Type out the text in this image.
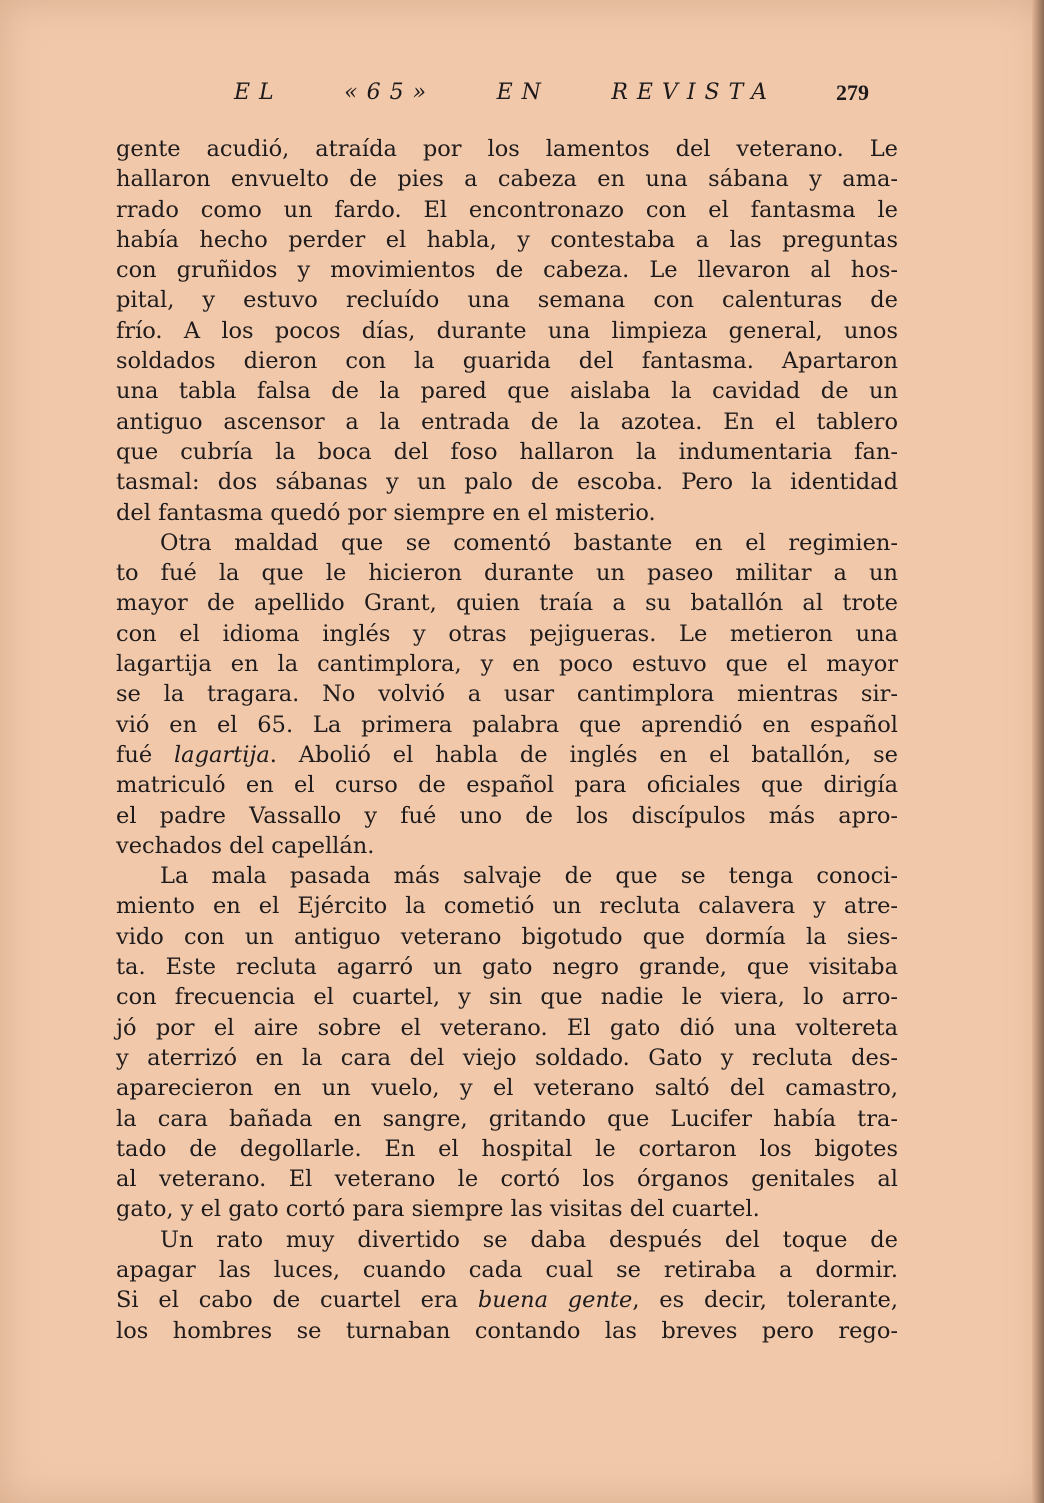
EL	«65»	EN	REVISTA	279
gente acudió, atraída por los lamentos del veterano. Le
hallaron envuelto de pies a cabeza en una sábana y ama-
rrado como un fardo. El encontronazo con el fantasma le
había hecho perder el habla, y contestaba a las preguntas
con gruñidos y movimientos de cabeza. Le llevaron al hos-
pital, y estuvo recluído una semana con calenturas de
frío. A los pocos días, durante una limpieza general, unos
soldados dieron con la guarida del fantasma. Apartaron
una tabla falsa de la pared que aislaba la cavidad de un
antiguo ascensor a la entrada de la azotea. En el tablero
que cubría la boca del foso hallaron la indumentaria fan-
tasmal: dos sábanas y un palo de escoba. Pero la identidad
del fantasma quedó por siempre en el misterio.
Otra maldad que se comentó bastante en el regimien-
to fué la que le hicieron durante un paseo militar a un
mayor de apellido Grant, quien traía a su batallón al trote
con el idioma inglés y otras pejigueras. Le metieron una
lagartija en la cantimplora, y en poco estuvo que el mayor
se la tragara. No volvió a usar cantimplora mientras sir-
vió en el 65. La primera palabra que aprendió en español
fué lagartija. Abolió el habla de inglés en el batallón, se
matriculó en el curso de español para oficiales que dirigía
el padre Vassallo y fué uno de los discípulos más apro-
vechados del capellán.
La mala pasada más salvaje de que se tenga conoci-
miento en el Ejército la cometió un recluta calavera y atre-
vido con un antiguo veterano bigotudo que dormía la sies-
ta. Este recluta agarró un gato negro grande, que visitaba
con frecuencia el cuartel, y sin que nadie le viera, lo arro-
jó por el aire sobre el veterano. El gato dió una voltereta
y aterrizó en la cara del viejo soldado. Gato y recluta des-
aparecieron en un vuelo, y el veterano saltó del camastro,
la cara bañada en sangre, gritando que Lucifer había tra-
tado de degollarle. En el hospital le cortaron los bigotes
al veterano. El veterano le cortó los órganos genitales al
gato, y el gato cortó para siempre las visitas del cuartel.
Un rato muy divertido se daba después del toque de
apagar las luces, cuando cada cual se retiraba a dormir.
Si el cabo de cuartel era buena gente, es decir, tolerante,
los hombres se turnaban contando las breves pero rego-
